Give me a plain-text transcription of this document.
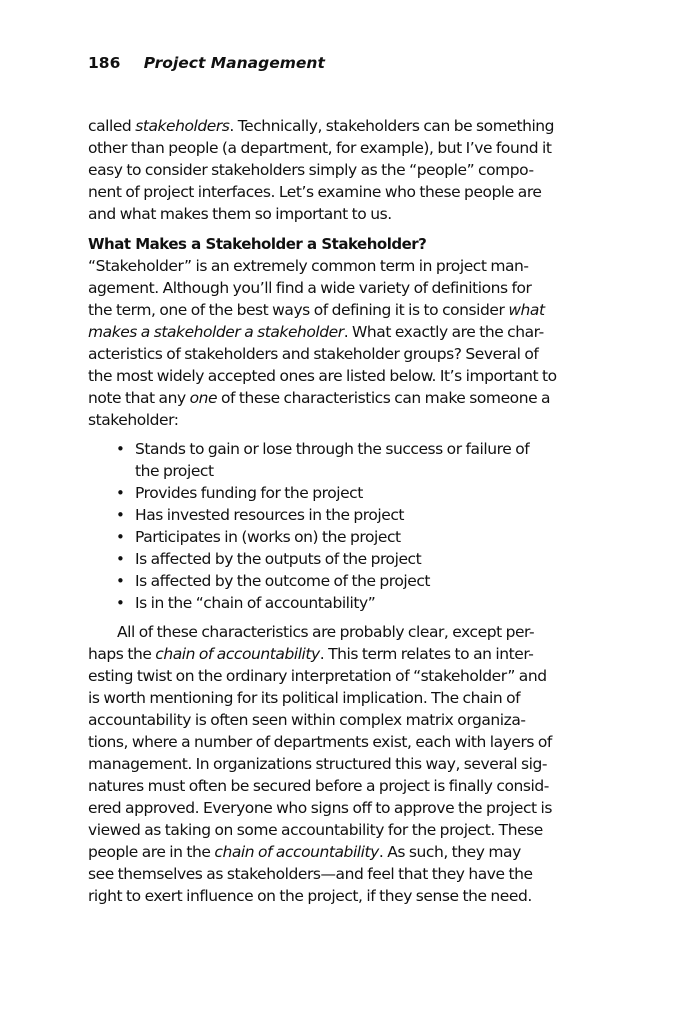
186 Project Management
called stakeholders. Technically, stakeholders can be something
other than people (a department, for example), but I’ve found it
easy to consider stakeholders simply as the “people” compo-
nent of project interfaces. Let’s examine who these people are
and what makes them so important to us.
What Makes a Stakeholder a Stakeholder?
“Stakeholder” is an extremely common term in project man-
agement. Although you’ll find a wide variety of definitions for
the term, one of the best ways of defining it is to consider what
makes a stakeholder a stakeholder. What exactly are the char-
acteristics of stakeholders and stakeholder groups? Several of
the most widely accepted ones are listed below. It’s important to
note that any one of these characteristics can make someone a
stakeholder:
• Stands to gain or lose through the success or failure of
the project
• Provides funding for the project
• Has invested resources in the project
• Participates in (works on) the project
• Is affected by the outputs of the project
• Is affected by the outcome of the project
• Is in the “chain of accountability”
All of these characteristics are probably clear, except per-
haps the chain of accountability. This term relates to an inter-
esting twist on the ordinary interpretation of “stakeholder” and
is worth mentioning for its political implication. The chain of
accountability is often seen within complex matrix organiza-
tions, where a number of departments exist, each with layers of
management. In organizations structured this way, several sig-
natures must often be secured before a project is finally consid-
ered approved. Everyone who signs off to approve the project is
viewed as taking on some accountability for the project. These
people are in the chain of accountability. As such, they may
see themselves as stakeholders—and feel that they have the
right to exert influence on the project, if they sense the need.
